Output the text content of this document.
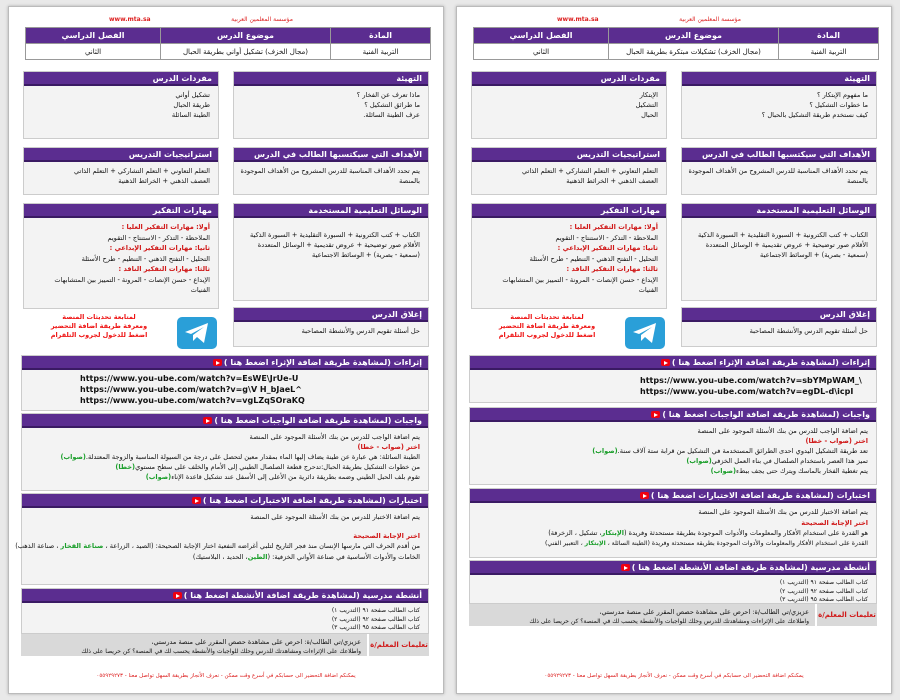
مؤسسة المعلمين العربية
www.mta.sa
المادة	موضوع الدرس	الفصل الدراسي
التربية الفنية	(مجال الخزف) تشكيل أواني بطريقة الحبال	الثاني
التهيئة
ماذا تعرف عن الفخار ؟
ما طرائق التشكيل ؟
عرف الطينة السائلة.
مفردات الدرس
تشكيل أواني
طريقة الحبال
الطينة السائلة
الأهداف التي سيكتسبها الطالب في الدرس
يتم تحدد الأهداف المناسبة للدرس المشروح من الأهداف الموجودة
بالمنصة
استراتيجيات التدريس
التعلم التعاوني + التعلم التشاركي + التعلم الذاتي
العصف الذهني + الخرائط الذهنية
الوسائل التعليمية المستخدمة
الكتاب + كتب الكترونية + السبورة التقليدية + السبورة الذكية
الأقلام صور توضيحية + عروض تقديمية + الوسائل المتعددة
(سمعية - بصرية) + الوسائط الاجتماعية
مهارات التفكير
أولا: مهارات التفكير العليا :
الملاحظة - التذكر - الاستنتاج - التقويم
ثانيا: مهارات التفكير الإبداعي :
التحليل - التفتح الذهني - التنظيم - طرح الأسئلة
ثالثا: مهارات التفكير الناقد :
الإبداع - حسن الإنصات - المرونة - التمييز بين المتشابهات
الفنيات
إغلاق الدرس
حل أسئلة تقويم الدرس والأنشطة المصاحبة
لمتابعة تحديثات المنصة
ومعرفة طريقة اضافة التحضير
اضغط للدخول لجروب التلقرام
إثراءات (لمشاهدة طريقة اضافة الإثراء اضغط هنا )
https://www.you-ube.com/watch?v=EsWE\JrUe-U
https://www.you-ube.com/watch?v=g\V H_bJaeL^
https://www.you-ube.com/watch?v=vgLZqSOraKQ
واجبات (لمشاهدة طريقة اضافة الواجبات اضغط هنا )
يتم اضافة الواجب للدرس من بنك الأسئلة الموجود على المنصة
اختر (صواب - خطا)
الطينة السائلة: هي عبارة عن طينة يضاف إليها الماء بمقدار معين لتحصل على درجة من السيولة المناسبة والزوجة المعتدلة.(صواب)
من خطوات التشكيل بطريقة الحبال:تدحرج قطعة الصلصال الطيني إلى الأمام والخلف على سطح مستوي(خطا)
تقوم بلف الحبل الطيني وضمه بطريقة دائرية من الأعلى إلى الأسفل عند تشكيل قاعدة الإناء(صواب)
اختبارات (لمشاهدة طريقة اضافة الاختبارات اضغط هنا )
يتم اضافة الاختبار للدرس من بنك الأسئلة الموجود على المنصة
اختر الإجابة الصحيحة
من أقدم الحرف التي مارسها الإنسان منذ فجر التاريخ لتلبي أغراضه النفعية اختار الإجابة الصحيحة: (الصيد ، الزراعة ، صناعة الفخار ، صناعة الذهب)
الخامات والأدوات الأساسية في صناعة الأواني الخزفية: (الطين، الحديد ، البلاستيك)
أنشطة مدرسية (لمشاهدة طريقة اضافة الأنشطة اضغط هنا )
كتاب الطالب صفحة ٩١ (التدريب ١)
كتاب الطالب صفحة ٩٢ (التدريب ٢)
كتاب الطالب صفحة ٩٥ (التدريب ٣)
تعليمات المعلم/ة
عزيزي/تي الطالب/ة: احرص على مشاهدة حصص المقرر على منصة مدرستي،
واطلاعك على الإثراءات ومشاهدتك للدرس وحلك للواجبات والأنشطة يحسب لك في المنصة؟ كن حريصا على ذلك
يمكنكم اضافة التحضير الى حسابكم في أسرع وقت ممكن - نعرف الأنجاز بطريقة السهل تواصل معنا - ٠٥٥٩٢٩٢٧٣
مؤسسة المعلمين العربية
www.mta.sa
المادة	موضوع الدرس	الفصل الدراسي
التربية الفنية	(مجال الخزف) تشكيلات مبتكرة بطريقة الحبال	الثاني
التهيئة
ما مفهوم الإبتكار ؟
ما خطوات التشكيل ؟
كيف نستخدم طريقة التشكيل بالحبال ؟
مفردات الدرس
الإبتكار
التشكيل
الحبال
الأهداف التي سيكتسبها الطالب في الدرس
يتم تحدد الأهداف المناسبة للدرس المشروح من الأهداف الموجودة
بالمنصة
استراتيجيات التدريس
التعلم التعاوني + التعلم التشاركي + التعلم الذاتي
العصف الذهني + الخرائط الذهنية
الوسائل التعليمية المستخدمة
الكتاب + كتب الكترونية + السبورة التقليدية + السبورة الذكية
الأقلام صور توضيحية + عروض تقديمية + الوسائل المتعددة
(سمعية - بصرية) + الوسائط الاجتماعية
مهارات التفكير
أولا: مهارات التفكير العليا :
الملاحظة - التذكر - الاستنتاج - التقويم
ثانيا: مهارات التفكير الإبداعي :
التحليل - التفتح الذهني - التنظيم - طرح الأسئلة
ثالثا: مهارات التفكير الناقد :
الإبداع - حسن الإنصات - المرونة - التمييز بين المتشابهات
الفنيات
إغلاق الدرس
حل أسئلة تقويم الدرس والأنشطة المصاحبة
لمتابعة تحديثات المنصة
ومعرفة طريقة اضافة التحضير
اضغط للدخول لجروب التلقرام
إثراءات (لمشاهدة طريقة اضافة الإثراء اضغط هنا )
https://www.you-ube.com/watch?v=sbYMpWAM_\
https://www.you-ube.com/watch?v=egDL-d\icpI
واجبات (لمشاهدة طريقة اضافة الواجبات اضغط هنا )
يتم اضافة الواجب للدرس من بنك الأسئلة الموجود على المنصة
اختر (صواب - خطا)
تعد طريقة التشكيل اليدوي احدى الطرائق المستخدمة في التشكيل من قرابة ستة آلاف سنة.(صواب)
تميز هذا العصر باستخدام الصلصال في بناء العمل الخزفي(صواب)
يتم تغطية الفخار بالماسك ويترك حتى يجف ببطء(صواب)
اختبارات (لمشاهدة طريقة اضافة الاختبارات اضغط هنا )
يتم اضافة الاختبار للدرس من بنك الأسئلة الموجود على المنصة
اختر الإجابة الصحيحة
هو القدرة على استخدام الأفكار والمعلومات والأدوات الموجودة بطريقة مستحدثة وفريدة (الإبتكار، تشكيل ، الزخرفة)
القدرة على استخدام الأفكار والمعلومات والأدوات الموجودة بطريقة مستحدثة وفريدة (الطينة السائلة ، الإبتكار ، التعبير الفني)
أنشطة مدرسية (لمشاهدة طريقة اضافة الأنشطة اضغط هنا )
كتاب الطالب صفحة ٩١ (التدريب ١)
كتاب الطالب صفحة ٩٢ (التدريب ٢)
كتاب الطالب صفحة ٩٥ (التدريب ٣)
تعليمات المعلم/ة
عزيزي/تي الطالب/ة: احرص على مشاهدة حصص المقرر على منصة مدرستي،
واطلاعك على الإثراءات ومشاهدتك للدرس وحلك للواجبات والأنشطة يحسب لك في المنصة؟ كن حريصا على ذلك
يمكنكم اضافة التحضير الى حسابكم في أسرع وقت ممكن - نعرف الأنجاز بطريقة السهل تواصل معنا - ٠٥٥٩٢٩٢٧٣
